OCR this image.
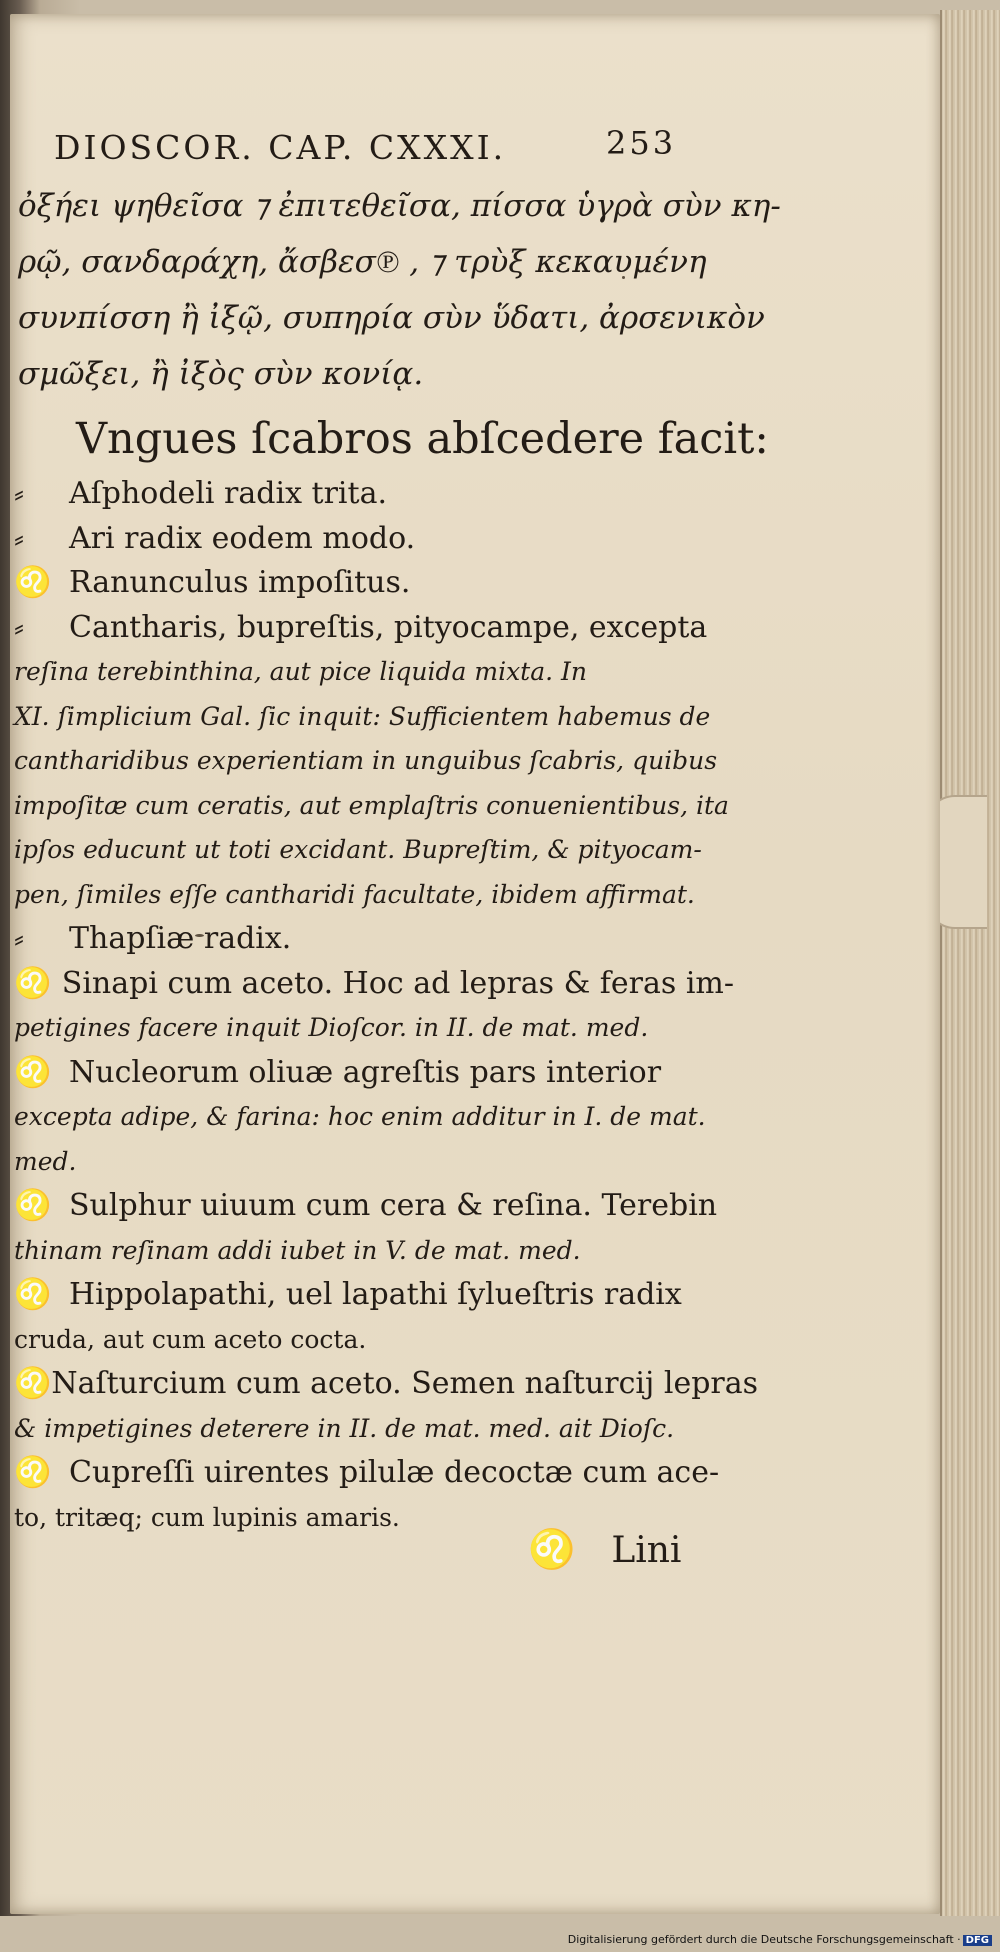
DIOSCOR. CAP. CXXXI.	253
ὀξήει ψηθεῖσα ⁊ ἐπιτεθεῖσα, πίσσα ὑγρὰ σὺν κη-
ρῷ, σανδαράχη, ἄσβεσ℗ , ⁊ τρὺξ κεκαυμένη
συνπίσση ἢ ἰξῷ, συπηρία σὺν ὕδατι, ἀρσενικὸν
σμῶξει, ἢ ἰξὸς σὺν κονίᾳ.
Vngues ſcabros abſcedere facit:
⸗	Aſphodeli radix trita.
⸗	Ari radix eodem modo.
♌ Ranunculus impoſitus.
⸗	Cantharis, bupreſtis, pityocampe, excepta
reſina terebinthina, aut pice liquida mixta. In
XI. ſimplicium Gal. ſic inquit: Sufficientem habemus de
cantharidibus experientiam in unguibus ſcabris, quibus
impoſitæ cum ceratis, aut emplaſtris conuenientibus, ita
ipſos educunt ut toti excidant. Bupreſtim, & pityocam-
pen, ſimiles eſſe cantharidi facultate, ibidem affirmat.
⸗	Thapſiæ radix.
♌ Sinapi cum aceto. Hoc ad lepras & feras im-
petigines facere inquit Dioſcor. in II. de mat. med.
♌ Nucleorum oliuæ agreſtis pars interior
excepta adipe, & farina: hoc enim additur in I. de mat.
med.
♌ Sulphur uiuum cum cera & reſina. Terebin
thinam reſinam addi iubet in V. de mat. med.
♌ Hippolapathi, uel lapathi ſylueſtris radix
cruda, aut cum aceto cocta.
♌ Naſturcium cum aceto. Semen naſturcij lepras
& impetigines deterere in II. de mat. med. ait Dioſc.
♌ Cupreſſi uirentes pilulæ decoctæ cum ace-
to, tritæq; cum lupinis amaris.
♌ Lini
Digitalisierung gefördert durch die Deutsche Forschungsgemeinschaft · DFG
